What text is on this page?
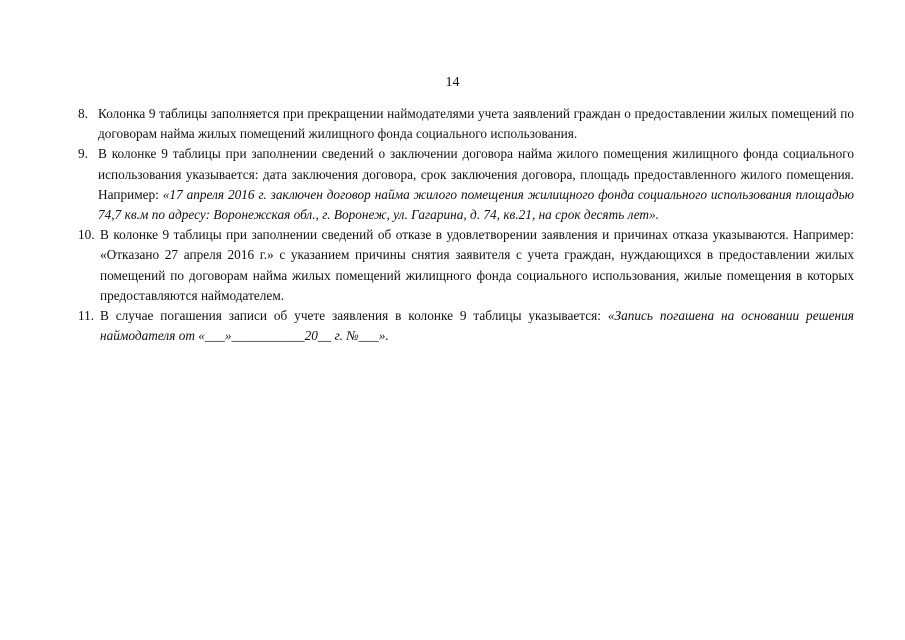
14
8. Колонка 9 таблицы заполняется при прекращении наймодателями учета заявлений граждан о предоставлении жилых помещений по договорам найма жилых помещений жилищного фонда социального использования.
9. В колонке 9 таблицы при заполнении сведений о заключении договора найма жилого помещения жилищного фонда социального использования указывается: дата заключения договора, срок заключения договора, площадь предоставленного жилого помещения. Например: «17 апреля 2016 г. заключен договор найма жилого помещения жилищного фонда социального использования площадью 74,7 кв.м по адресу: Воронежская обл., г. Воронеж, ул. Гагарина, д. 74, кв.21, на срок десять лет».
10. В колонке 9 таблицы при заполнении сведений об отказе в удовлетворении заявления и причинах отказа указываются. Например: «Отказано 27 апреля 2016 г.» с указанием причины снятия заявителя с учета граждан, нуждающихся в предоставлении жилых помещений по договорам найма жилых помещений жилищного фонда социального использования, жилые помещения в которых предоставляются наймодателем.
11. В случае погашения записи об учете заявления в колонке 9 таблицы указывается: «Запись погашена на основании решения наймодателя от «___»___________20__ г. №___».
